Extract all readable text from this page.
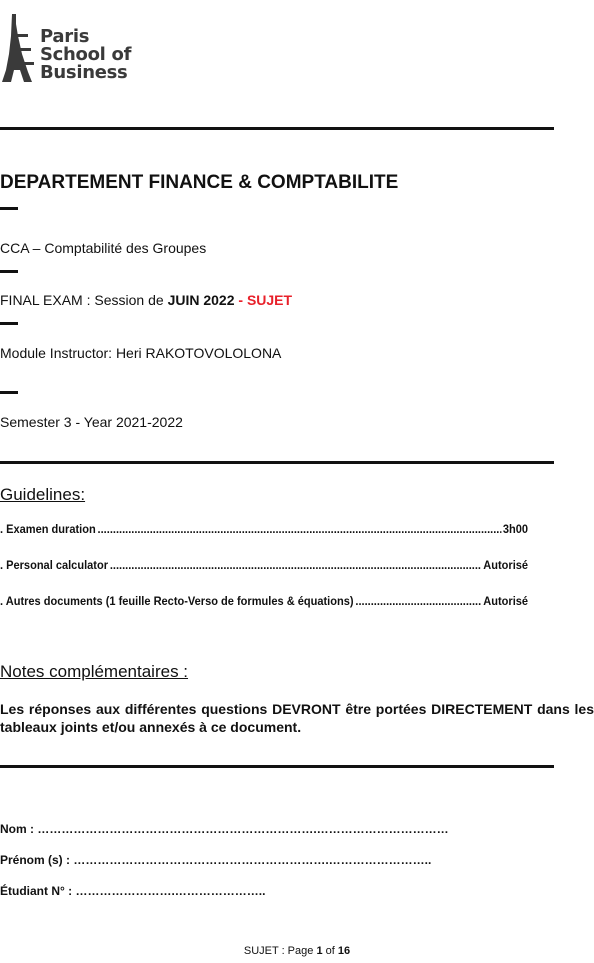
Paris
School of
Business
DEPARTEMENT FINANCE & COMPTABILITE
CCA – Comptabilité des Groupes
FINAL EXAM : Session de JUIN 2022 - SUJET
Module Instructor: Heri RAKOTOVOLOLONA
Semester 3 - Year 2021-2022
Guidelines:
. Examen duration .....	3h00
. Personal calculator .....	Autorisé
. Autres documents (1 feuille Recto-Verso de formules & équations) .....	Autorisé
Notes complémentaires :
Les réponses aux différentes questions DEVRONT être portées DIRECTEMENT dans les tableaux joints et/ou annexés à ce document.
Nom : …………………………………………………………….……………………………
Prénom (s) : ……………………………………………………….……………………..
Étudiant N° : …………………….…………………..
SUJET : Page 1 of 16
